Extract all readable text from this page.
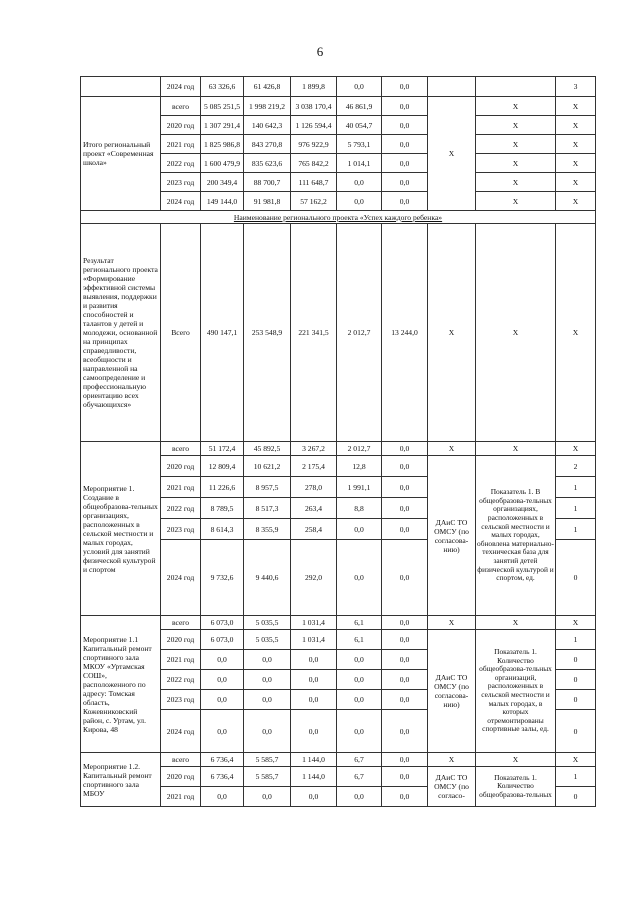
6
	2024 год	63 326,6	61 426,8	1 899,8	0,0	0,0			3
Итого региональный проект «Современная школа»	всего	5 085 251,5	1 998 219,2	3 038 170,4	46 861,9	0,0	X	X	X
	2020 год	1 307 291,4	140 642,3	1 126 594,4	40 054,7	0,0		X	X
	2021 год	1 825 986,8	843 270,8	976 922,9	5 793,1	0,0		X	X
	2022 год	1 600 479,9	835 623,6	765 842,2	1 014,1	0,0		X	X
	2023 год	200 349,4	88 700,7	111 648,7	0,0	0,0		X	X
	2024 год	149 144,0	91 981,8	57 162,2	0,0	0,0		X	X
Наименование регионального проекта «Успех каждого ребенка»									
Результат регионального проекта «Формирование эффективной системы выявления, поддержки и развития способностей и талантов у детей и молодежи, основанной на принципах справедливости, всеобщности и направленной на самоопределение и профессиональную ориентацию всех обучающихся»	Всего	490 147,1	253 548,9	221 341,5	2 012,7	13 244,0	X	X	X
Мероприятие 1. Создание в общеобразова-тельных организациях, расположенных в сельской местности и малых городах, условий для занятий физической культурой и спортом	всего	51 172,4	45 892,5	3 267,2	2 012,7	0,0	X	X	X
	2020 год	12 809,4	10 621,2	2 175,4	12,8	0,0	ДАиС ТО ОМСУ (по согласова-нию)	Показатель 1. В общеобразова-тельных организациях, расположенных в сельской местности и малых городах, обновлена материально-техническая база для занятий детей физической культурой и спортом, ед.	2
	2021 год	11 226,6	8 957,5	278,0	1 991,1	0,0			1
	2022 год	8 789,5	8 517,3	263,4	8,8	0,0			1
	2023 год	8 614,3	8 355,9	258,4	0,0	0,0			1
	2024 год	9 732,6	9 440,6	292,0	0,0	0,0			0
Мероприятие 1.1 Капитальный ремонт спортивного зала МКОУ «Уртамская СОШ», расположенного по адресу: Томская область, Кожевниковский район, с. Уртам, ул. Кирова, 48	всего	6 073,0	5 035,5	1 031,4	6,1	0,0	X	X	X
	2020 год	6 073,0	5 035,5	1 031,4	6,1	0,0	ДАиС ТО ОМСУ (по согласова-нию)	Показатель 1. Количество общеобразова-тельных организаций, расположенных в сельской местности и малых городах, в которых отремонтированы спортивные залы, ед.	1
	2021 год	0,0	0,0	0,0	0,0	0,0			0
	2022 год	0,0	0,0	0,0	0,0	0,0			0
	2023 год	0,0	0,0	0,0	0,0	0,0			0
	2024 год	0,0	0,0	0,0	0,0	0,0			0
Мероприятие 1.2. Капитальный ремонт спортивного зала МБОУ	всего	6 736,4	5 585,7	1 144,0	6,7	0,0	X	X	X
	2020 год	6 736,4	5 585,7	1 144,0	6,7	0,0	ДАиС ТО ОМСУ (по согласо-	Показатель 1. Количество общеобразова-тельных	1
	2021 год	0,0	0,0	0,0	0,0	0,0			0
